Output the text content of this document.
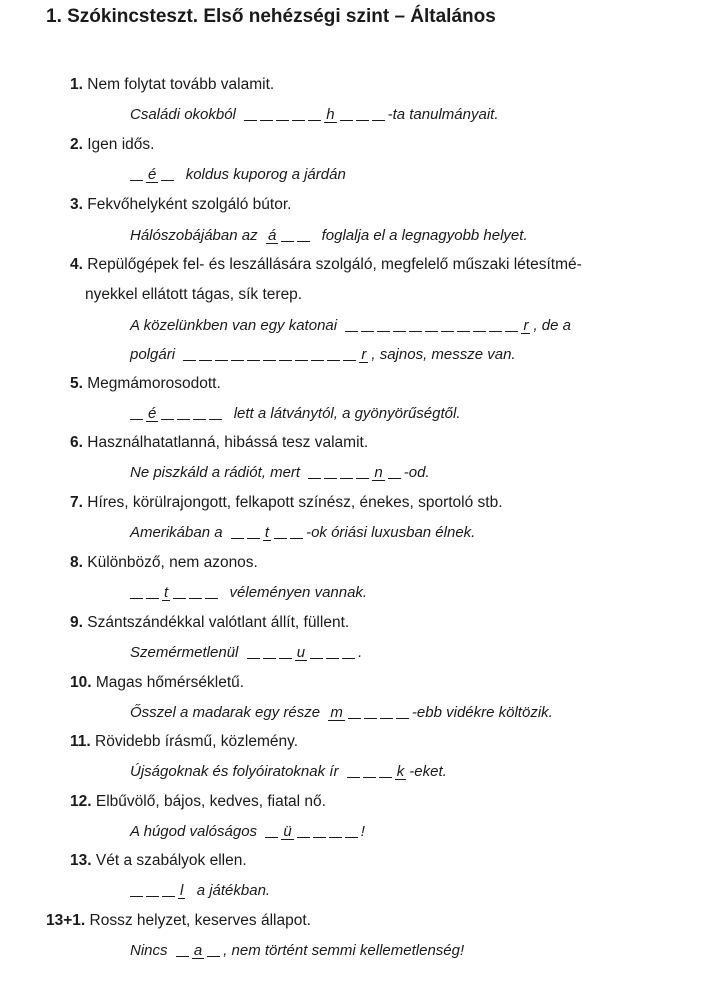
1. Szókincsteszt. Első nehézségi szint – Általános
1. Nem folytat tovább valamit.
Családi okokból	h	-ta tanulmányait.
2. Igen idős.
é koldus kuporog a járdán
3. Fekvőhelyként szolgáló bútor.
Hálószobájában az á	foglalja el a legnagyobb helyet.
4. Repülőgépek fel- és leszállására szolgáló, megfelelő műszaki létesítmé-
nyekkel ellátott tágas, sík terep.
A közelünkben van egy katonai	r , de a
polgári	r , sajnos, messze van.
5. Megmámorosodott.
é	lett a látványtól, a gyönyörűségtől.
6. Használhatatlanná, hibássá tesz valamit.
Ne piszkáld a rádiót, mert	n -od.
7. Híres, körülrajongott, felkapott színész, énekes, sportoló stb.
Amerikában a	t -ok óriási luxusban élnek.
8. Különböző, nem azonos.
t	véleményen vannak.
9. Szántszándékkal valótlant állít, füllent.
Szemérmetlenül	u	.
10. Magas hőmérsékletű.
Ősszel a madarak egy része m	-ebb vidékre költözik.
11. Rövidebb írásmű, közlemény.
Újságoknak és folyóiratoknak ír	k -eket.
12. Elbűvölő, bájos, kedves, fiatal nő.
A húgod valóságos ü	!
13. Vét a szabályok ellen.
l a játékban.
13+1. Rossz helyzet, keserves állapot.
Nincs a , nem történt semmi kellemetlenség!
